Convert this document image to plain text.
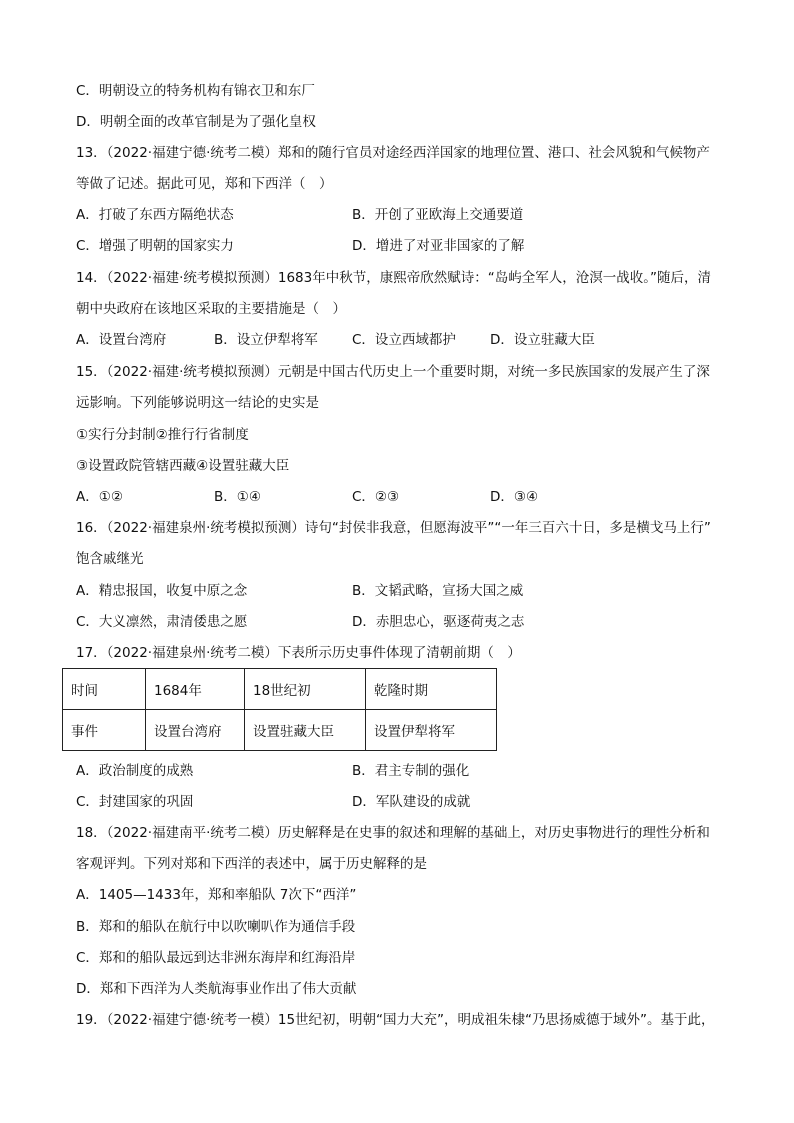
C．明朝设立的特务机构有锦衣卫和东厂
D．明朝全面的改革官制是为了强化皇权
13．（2022·福建宁德·统考二模）郑和的随行官员对途经西洋国家的地理位置、港口、社会风貌和气候物产
等做了记述。据此可见，郑和下西洋（　）
A．打破了东西方隔绝状态	B．开创了亚欧海上交通要道
C．增强了明朝的国家实力	D．增进了对亚非国家的了解
14．（2022·福建·统考模拟预测）1683年中秋节，康熙帝欣然赋诗：“岛屿全军人，沧溟一战收。”随后，清
朝中央政府在该地区采取的主要措施是（　）
A．设置台湾府	B．设立伊犁将军	C．设立西域都护	D．设立驻藏大臣
15．（2022·福建·统考模拟预测）元朝是中国古代历史上一个重要时期，对统一多民族国家的发展产生了深
远影响。下列能够说明这一结论的史实是
①实行分封制②推行行省制度
③设置政院管辖西藏④设置驻藏大臣
A．①②	B．①④	C．②③	D．③④
16．（2022·福建泉州·统考模拟预测）诗句“封侯非我意，但愿海波平”“一年三百六十日，多是横戈马上行”
饱含戚继光
A．精忠报国，收复中原之念	B．文韬武略，宣扬大国之威
C．大义凛然，肃清倭患之愿	D．赤胆忠心，驱逐荷夷之志
17．（2022·福建泉州·统考二模）下表所示历史事件体现了清朝前期（　）
时间	1684年	18世纪初	乾隆时期
事件	设置台湾府	设置驻藏大臣	设置伊犁将军
A．政治制度的成熟	B．君主专制的强化
C．封建国家的巩固	D．军队建设的成就
18．（2022·福建南平·统考二模）历史解释是在史事的叙述和理解的基础上，对历史事物进行的理性分析和
客观评判。下列对郑和下西洋的表述中，属于历史解释的是
A．1405—1433年，郑和率船队 7次下“西洋”
B．郑和的船队在航行中以吹喇叭作为通信手段
C．郑和的船队最远到达非洲东海岸和红海沿岸
D．郑和下西洋为人类航海事业作出了伟大贡献
19．（2022·福建宁德·统考一模）15世纪初，明朝“国力大充”，明成祖朱棣“乃思扬威德于域外”。基于此，
